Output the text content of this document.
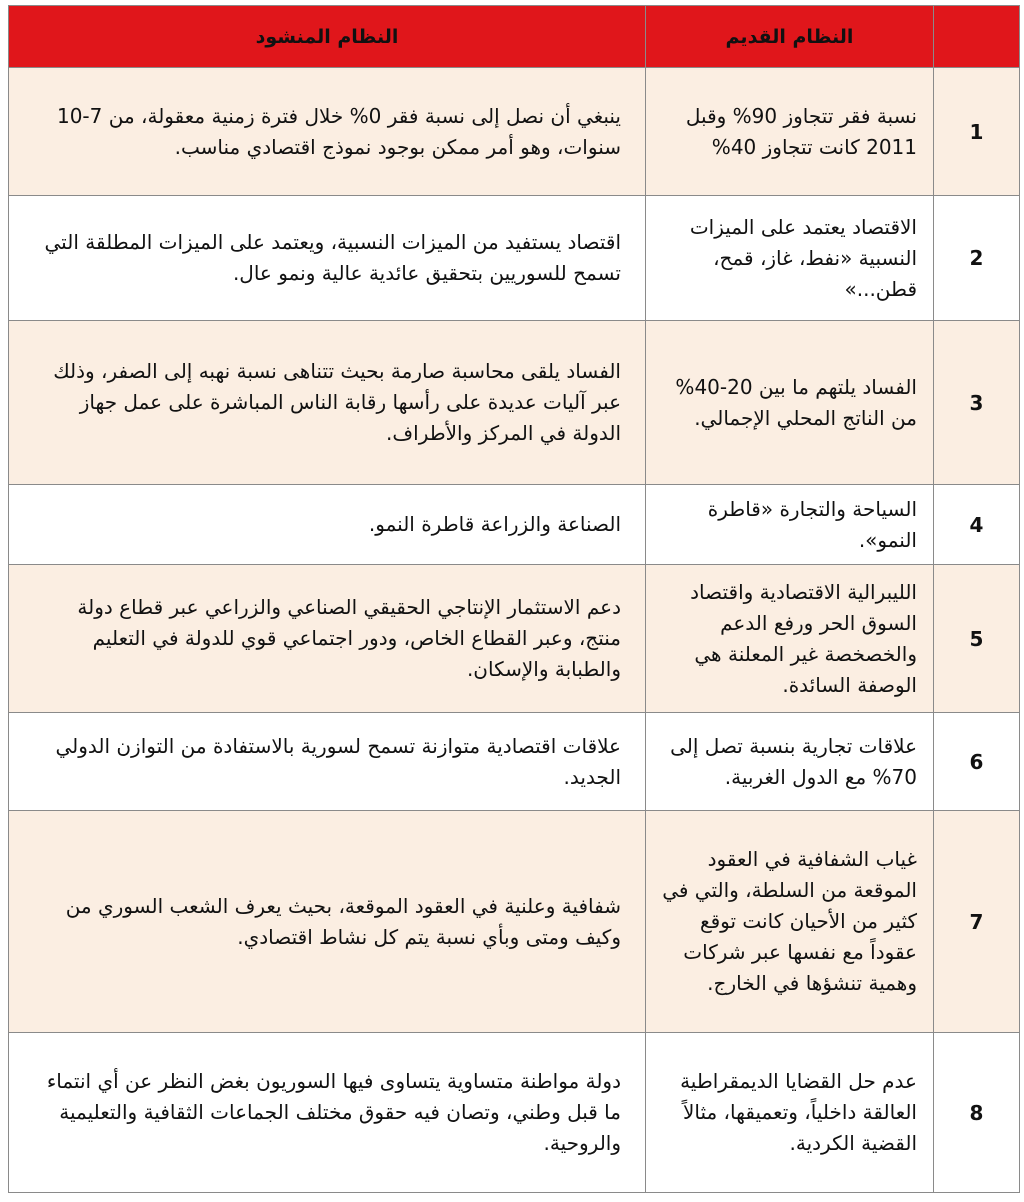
	النظام القديم	النظام المنشود
1	نسبة فقر تتجاوز 90% وقبل 2011 كانت تتجاوز 40%	ينبغي أن نصل إلى نسبة فقر 0% خلال فترة زمنية معقولة، من 7-10 سنوات، وهو أمر ممكن بوجود نموذج اقتصادي مناسب.
2	الاقتصاد يعتمد على الميزات النسبية «نفط، غاز، قمح، قطن...»	اقتصاد يستفيد من الميزات النسبية، ويعتمد على الميزات المطلقة التي تسمح للسوريين بتحقيق عائدية عالية ونمو عال.
3	الفساد يلتهم ما بين 20-40% من الناتج المحلي الإجمالي.	الفساد يلقى محاسبة صارمة بحيث تتناهى نسبة نهبه إلى الصفر، وذلك عبر آليات عديدة على رأسها رقابة الناس المباشرة على عمل جهاز الدولة في المركز والأطراف.
4	السياحة والتجارة «قاطرة النمو».	الصناعة والزراعة قاطرة النمو.
5	الليبرالية الاقتصادية واقتصاد السوق الحر ورفع الدعم والخصخصة غير المعلنة هي الوصفة السائدة.	دعم الاستثمار الإنتاجي الحقيقي الصناعي والزراعي عبر قطاع دولة منتج، وعبر القطاع الخاص، ودور اجتماعي قوي للدولة في التعليم والطبابة والإسكان.
6	علاقات تجارية بنسبة تصل إلى 70% مع الدول الغربية.	علاقات اقتصادية متوازنة تسمح لسورية بالاستفادة من التوازن الدولي الجديد.
7	غياب الشفافية في العقود الموقعة من السلطة، والتي في كثير من الأحيان كانت توقع عقوداً مع نفسها عبر شركات وهمية تنشؤها في الخارج.	شفافية وعلنية في العقود الموقعة، بحيث يعرف الشعب السوري من وكيف ومتى وبأي نسبة يتم كل نشاط اقتصادي.
8	عدم حل القضايا الديمقراطية العالقة داخلياً، وتعميقها، مثالاً القضية الكردية.	دولة مواطنة متساوية يتساوى فيها السوريون بغض النظر عن أي انتماء ما قبل وطني، وتصان فيه حقوق مختلف الجماعات الثقافية والتعليمية والروحية.
